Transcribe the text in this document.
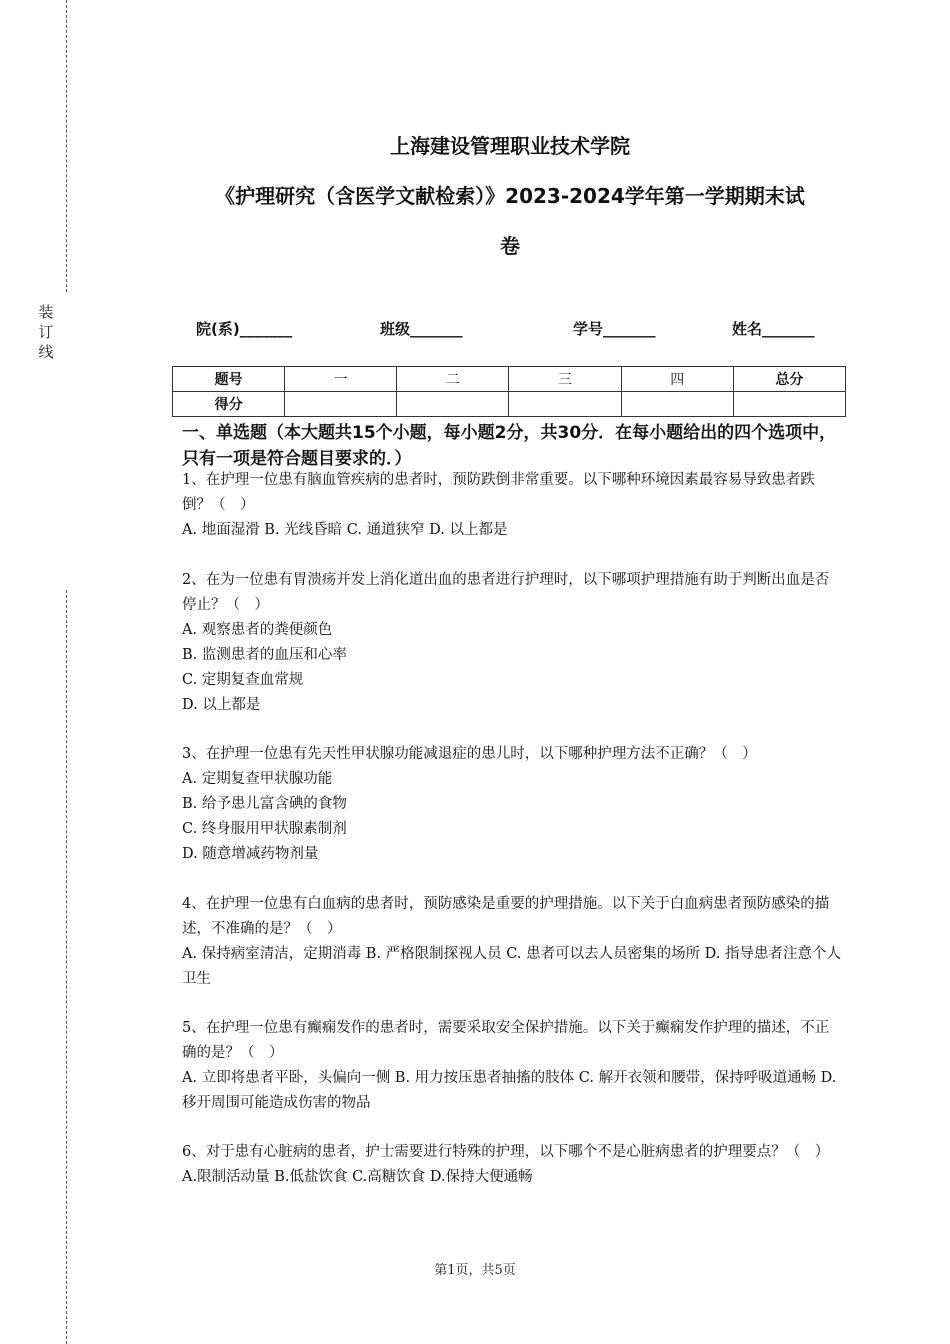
装
订
线
上海建设管理职业技术学院
《护理研究（含医学文献检索）》2023-2024学年第一学期期末试
卷
院(系)_______	班级_______	学号_______	姓名_______
题号	一	二	三	四	总分
得分					
一、单选题（本大题共15个小题，每小题2分，共30分．在每小题给出的四个选项中，只有一项是符合题目要求的．）

1、在护理一位患有脑血管疾病的患者时，预防跌倒非常重要。以下哪种环境因素最容易导致患者跌倒？（　）

A. 地面湿滑 B. 光线昏暗 C. 通道狭窄 D. 以上都是

2、在为一位患有胃溃疡并发上消化道出血的患者进行护理时，以下哪项护理措施有助于判断出血是否停止？（　）

A. 观察患者的粪便颜色

B. 监测患者的血压和心率

C. 定期复查血常规

D. 以上都是

3、在护理一位患有先天性甲状腺功能减退症的患儿时，以下哪种护理方法不正确？（　）

A. 定期复查甲状腺功能

B. 给予患儿富含碘的食物

C. 终身服用甲状腺素制剂

D. 随意增减药物剂量

4、在护理一位患有白血病的患者时，预防感染是重要的护理措施。以下关于白血病患者预防感染的描述，不准确的是？（　）

A. 保持病室清洁，定期消毒 B. 严格限制探视人员 C. 患者可以去人员密集的场所 D. 指导患者注意个人卫生

5、在护理一位患有癫痫发作的患者时，需要采取安全保护措施。以下关于癫痫发作护理的描述，不正确的是？（　）

A. 立即将患者平卧，头偏向一侧 B. 用力按压患者抽搐的肢体 C. 解开衣领和腰带，保持呼吸道通畅 D. 移开周围可能造成伤害的物品

6、对于患有心脏病的患者，护士需要进行特殊的护理，以下哪个不是心脏病患者的护理要点？（　）

A.限制活动量 B.低盐饮食 C.高糖饮食 D.保持大便通畅

第1页，共5页
